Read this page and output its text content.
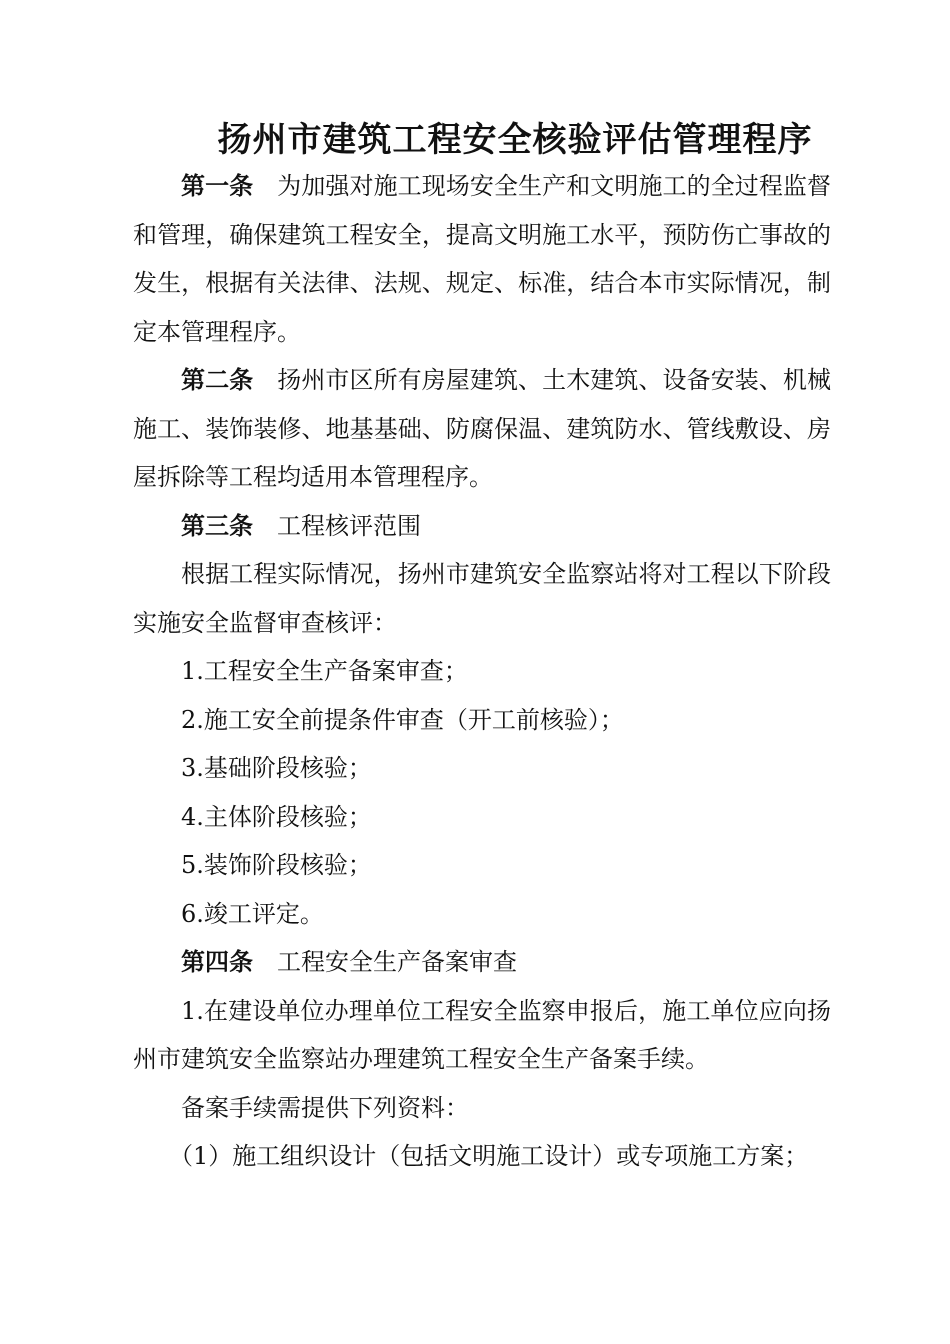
扬州市建筑工程安全核验评估管理程序

第一条 为加强对施工现场安全生产和文明施工的全过程监督和管理，确保建筑工程安全，提高文明施工水平，预防伤亡事故的发生，根据有关法律、法规、规定、标准，结合本市实际情况，制定本管理程序。

第二条 扬州市区所有房屋建筑、土木建筑、设备安装、机械施工、装饰装修、地基基础、防腐保温、建筑防水、管线敷设、房屋拆除等工程均适用本管理程序。

第三条 工程核评范围

根据工程实际情况，扬州市建筑安全监察站将对工程以下阶段实施安全监督审查核评：

1.工程安全生产备案审查；

2.施工安全前提条件审查（开工前核验）；

3.基础阶段核验；

4.主体阶段核验；

5.装饰阶段核验；

6.竣工评定。

第四条 工程安全生产备案审查

1.在建设单位办理单位工程安全监察申报后，施工单位应向扬州市建筑安全监察站办理建筑工程安全生产备案手续。

备案手续需提供下列资料：

（1）施工组织设计（包括文明施工设计）或专项施工方案；
